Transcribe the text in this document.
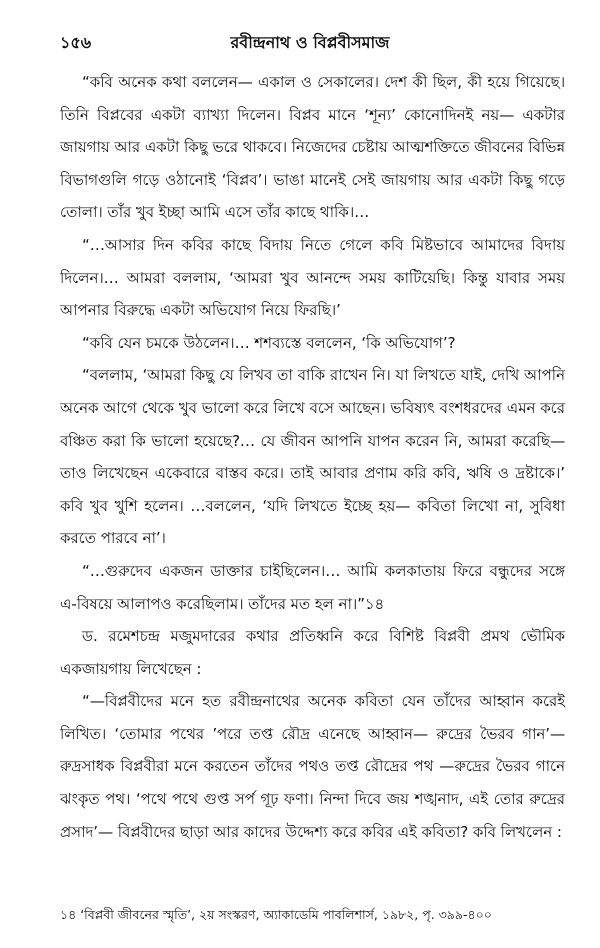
১৫৬	রবীন্দ্রনাথ ও বিপ্লবীসমাজ

“কবি অনেক কথা বললেন— একাল ও সেকালের। দেশ কী ছিল, কী হয়ে গিয়েছে। তিনি বিপ্লবের একটা ব্যাখ্যা দিলেন। বিপ্লব মানে ‘শূন্য’ কোনোদিনই নয়— একটার জায়গায় আর একটা কিছু ভরে থাকবে। নিজেদের চেষ্টায় আত্মশক্তিতে জীবনের বিভিন্ন বিভাগগুলি গড়ে ওঠানোই ‘বিপ্লব’। ভাঙা মানেই সেই জায়গায় আর একটা কিছু গড়ে তোলা। তাঁর খুব ইচ্ছা আমি এসে তাঁর কাছে থাকি।…

“…আসার দিন কবির কাছে বিদায় নিতে গেলে কবি মিষ্টভাবে আমাদের বিদায় দিলেন।… আমরা বললাম, ‘আমরা খুব আনন্দে সময় কাটিয়েছি। কিন্তু যাবার সময় আপনার বিরুদ্ধে একটা অভিযোগ নিয়ে ফিরছি।’

“কবি যেন চমকে উঠলেন।… শশব্যস্তে বললেন, ‘কি অভিযোগ’?

“বললাম, ‘আমরা কিছু যে লিখব তা বাকি রাখেন নি। যা লিখতে যাই, দেখি আপনি অনেক আগে থেকে খুব ভালো করে লিখে বসে আছেন। ভবিষ্যৎ বংশধরদের এমন করে বঞ্চিত করা কি ভালো হয়েছে?… যে জীবন আপনি যাপন করেন নি, আমরা করেছি— তাও লিখেছেন একেবারে বাস্তব করে। তাই আবার প্রণাম করি কবি, ঋষি ও দ্রষ্টাকে।’ কবি খুব খুশি হলেন। …বললেন, ‘যদি লিখতে ইচ্ছে হয়— কবিতা লিখো না, সুবিধা করতে পারবে না’।

“…গুরুদেব একজন ডাক্তার চাইছিলেন।… আমি কলকাতায় ফিরে বন্ধুদের সঙ্গে এ-বিষয়ে আলাপও করেছিলাম। তাঁদের মত হল না।”১৪

ড. রমেশচন্দ্র মজুমদারের কথার প্রতিধ্বনি করে বিশিষ্ট বিপ্লবী প্রমথ ভৌমিক একজায়গায় লিখেছেন :

“—বিপ্লবীদের মনে হত রবীন্দ্রনাথের অনেক কবিতা যেন তাঁদের আহ্বান করেই লিখিত। ‘তোমার পথের ’পরে তপ্ত রৌদ্র এনেছে আহ্বান— রুদ্রের ভৈরব গান’— রুদ্রসাধক বিপ্লবীরা মনে করতেন তাঁদের পথও তপ্ত রৌদ্রের পথ —রুদ্রের ভৈরব গানে ঝংকৃত পথ। ‘পথে পথে গুপ্ত সর্প গূঢ় ফণা। নিন্দা দিবে জয় শঙ্খনাদ, এই তোর রুদ্রের প্রসাদ’— বিপ্লবীদের ছাড়া আর কাদের উদ্দেশ্য করে কবির এই কবিতা? কবি লিখলেন :

১৪ ‘বিপ্লবী জীবনের স্মৃতি’, ২য় সংস্করণ, অ্যাকাডেমি পাবলিশার্স, ১৯৮২, পৃ. ৩৯৯-৪০০
